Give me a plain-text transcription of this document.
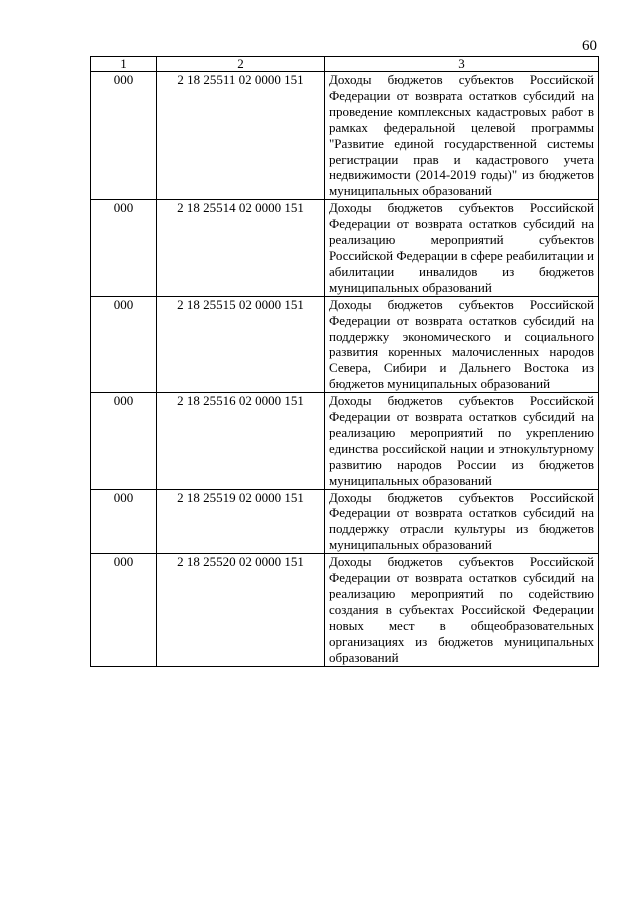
60
1	2	3
000	2 18 25511 02 0000 151	Доходы бюджетов субъектов Российской Федерации от возврата остатков субсидий на проведение комплексных кадастровых работ в рамках федеральной целевой программы "Развитие единой государственной системы регистрации прав и кадастрового учета недвижимости (2014-2019 годы)" из бюджетов муниципальных образований
000	2 18 25514 02 0000 151	Доходы бюджетов субъектов Российской Федерации от возврата остатков субсидий на реализацию мероприятий субъектов Российской Федерации в сфере реабилитации и абилитации инвалидов из бюджетов муниципальных образований
000	2 18 25515 02 0000 151	Доходы бюджетов субъектов Российской Федерации от возврата остатков субсидий на поддержку экономического и социального развития коренных малочисленных народов Севера, Сибири и Дальнего Востока из бюджетов муниципальных образований
000	2 18 25516 02 0000 151	Доходы бюджетов субъектов Российской Федерации от возврата остатков субсидий на реализацию мероприятий по укреплению единства российской нации и этнокультурному развитию народов России из бюджетов муниципальных образований
000	2 18 25519 02 0000 151	Доходы бюджетов субъектов Российской Федерации от возврата остатков субсидий на поддержку отрасли культуры из бюджетов муниципальных образований
000	2 18 25520 02 0000 151	Доходы бюджетов субъектов Российской Федерации от возврата остатков субсидий на реализацию мероприятий по содействию создания в субъектах Российской Федерации новых мест в общеобразовательных организациях из бюджетов муниципальных образований
